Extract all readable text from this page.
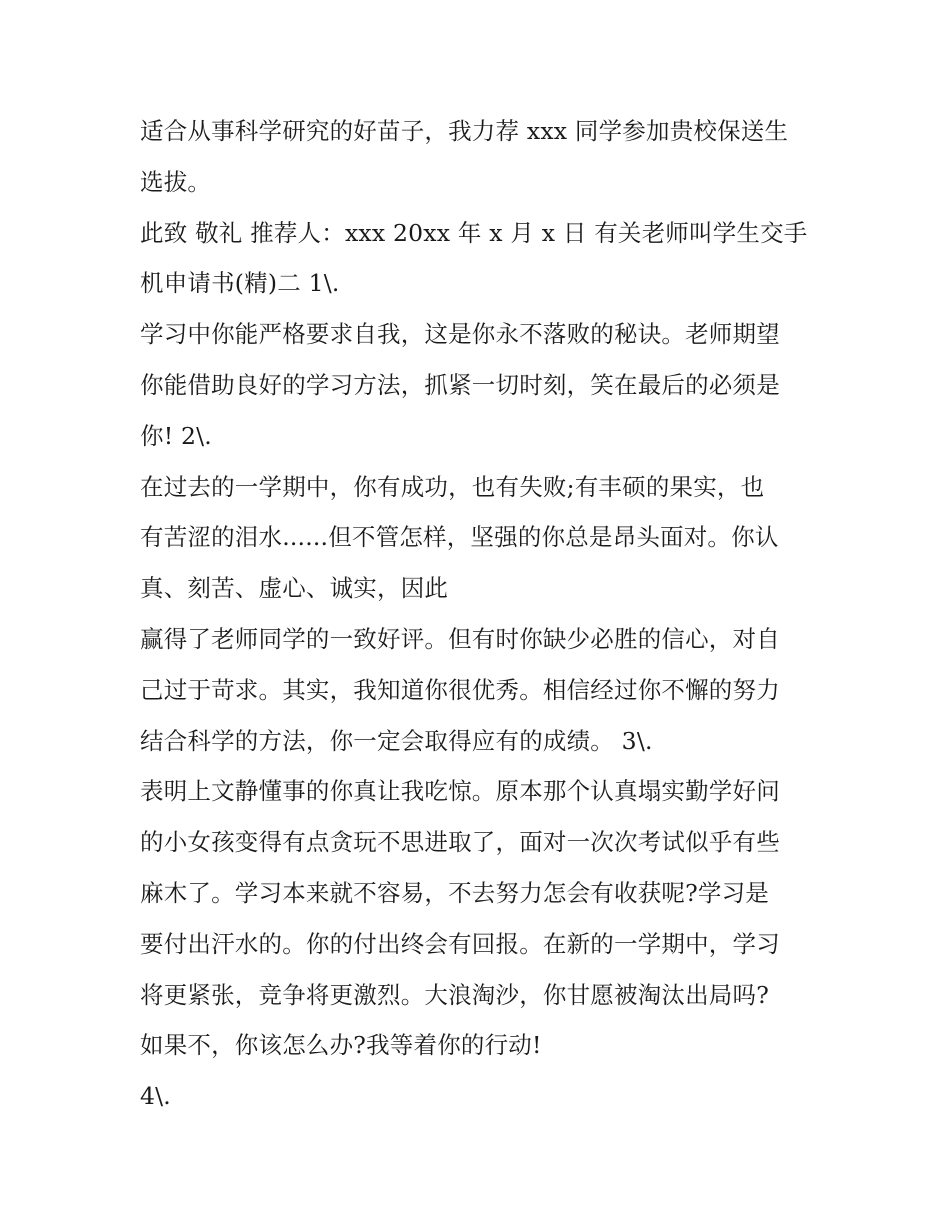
适合从事科学研究的好苗子，我力荐 xxx 同学参加贵校保送生
选拔。
此致 敬礼 推荐人：xxx 20xx 年 x 月 x 日 有关老师叫学生交手
机申请书(精)二 1\.
学习中你能严格要求自我，这是你永不落败的秘诀。老师期望
你能借助良好的学习方法，抓紧一切时刻，笑在最后的必须是
你! 2\.
在过去的一学期中，你有成功，也有失败;有丰硕的果实，也
有苦涩的泪水......但不管怎样，坚强的你总是昂头面对。你认
真、刻苦、虚心、诚实，因此
赢得了老师同学的一致好评。但有时你缺少必胜的信心，对自
己过于苛求。其实，我知道你很优秀。相信经过你不懈的努力
结合科学的方法，你一定会取得应有的成绩。 3\.
表明上文静懂事的你真让我吃惊。原本那个认真塌实勤学好问
的小女孩变得有点贪玩不思进取了，面对一次次考试似乎有些
麻木了。学习本来就不容易，不去努力怎会有收获呢?学习是
要付出汗水的。你的付出终会有回报。在新的一学期中，学习
将更紧张，竞争将更激烈。大浪淘沙，你甘愿被淘汰出局吗?
如果不，你该怎么办?我等着你的行动!
4\.
